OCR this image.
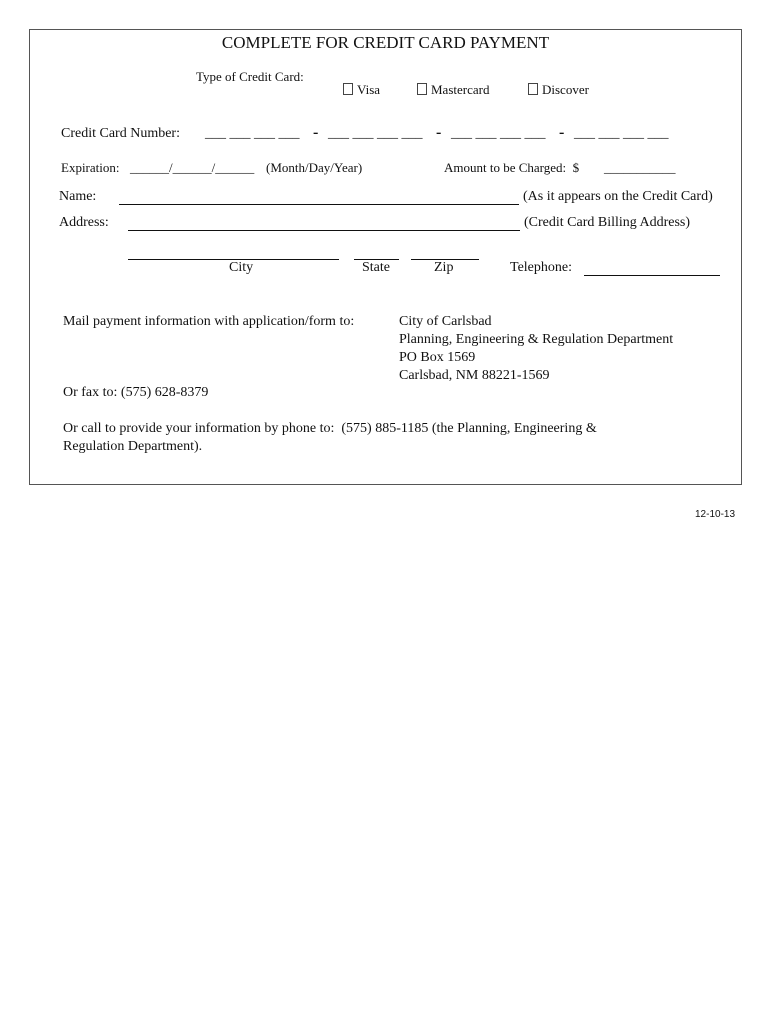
COMPLETE FOR CREDIT CARD PAYMENT
Type of Credit Card:

Visa
	Mastercard
	Discover

Credit Card Number: ___ ___ ___ ___ - ___ ___ ___ ___ - ___ ___ ___ ___ - ___ ___ ___ ___
Expiration: ______/______/______ (Month/Day/Year)	Amount to be Charged:  $ ___________
Name:	(As it appears on the Credit Card)
Address:	(Credit Card Billing Address)
City	State	Zip	Telephone:
Mail payment information with application/form to:	City of Carlsbad
Planning, Engineering & Regulation Department
PO Box 1569
Carlsbad, NM 88221-1569
Or fax to: (575) 628-8379
Or call to provide your information by phone to:  (575) 885-1185 (the Planning, Engineering &
Regulation Department).
12-10-13
